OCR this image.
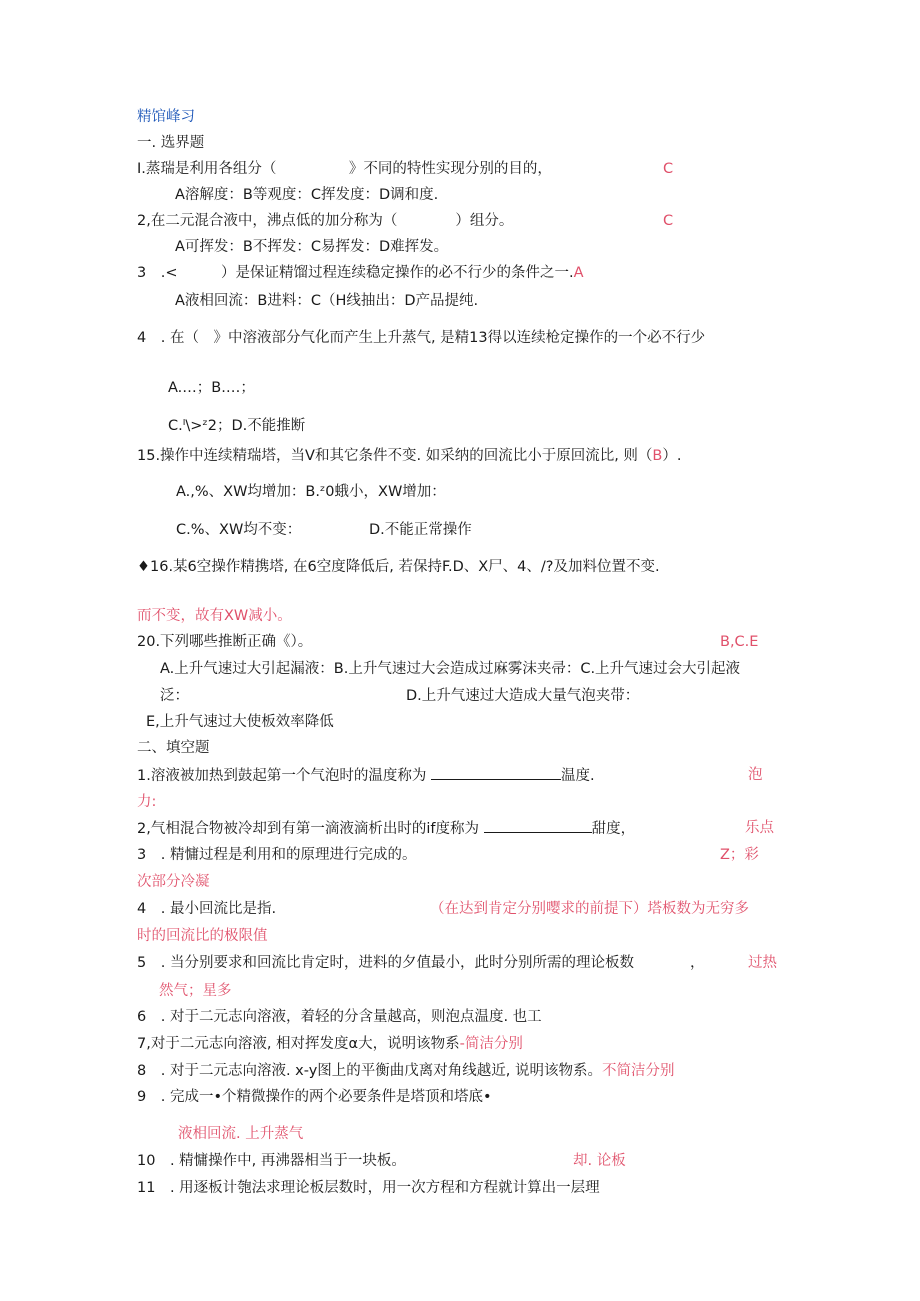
精馆峰习
一. 选界题
I.蒸瑞是利用各组分（　　　　　》不同的特性实现分别的目的，	C
A溶解度：B等观度：C挥发度：D调和度.
2,在二元混合液中，沸点低的加分称为（　　　　）组分。	C
A可挥发：B不挥发：C易挥发：D难挥发。
3　.<　　　）是保证精馏过程连续稳定操作的必不行少的条件之一.A
A液相回流：B进料：C（H线抽出：D产品提纯.
4　. 在（　》中溶液部分气化而产生上升蒸气, 是精13得以连续枪定操作的一个必不行少
A.…；B.…；
C.ᴵ\>ᶻ2；D.不能推断
15.操作中连续精瑞塔，当V和其它条件不变. 如采纳的回流比小于原回流比, 则（B）.
A.,%、XW均增加：B.ᶻ0蛾小，XW增加：
C.%、XW均不变：	D.不能正常操作
♦16.某6空操作精携塔, 在6空度降低后, 若保持F.D、X尸、4、/?及加料位置不变.
而不变，故有XW减小。
20.下列哪些推断正确《）。	B,C.E
A.上升气速过大引起漏液：B.上升气速过大会造成过麻雾沫夹帚：C.上升气速过会大引起液
泛：	D.上升气速过大造成大量气泡夹带：
E,上升气速过大使板效率降低
二、填空题
1.溶液被加热到鼓起第一个气泡时的温度称为	温度.	泡
力:
2,气相混合物被冷却到有第一滴液滴析出时的if度称为	甜度，	乐点
3　. 精慵过程是利用和的原理进行完成的。	Z；彩
次部分冷凝
4　. 最小回流比是指.	（在达到肯定分别嘤求的前提下）塔板数为无穷多
时的回流比的极限值
5　. 当分别要求和回流比肯定时，进料的夕值最小，此时分别所需的理论板数	，	过热
然气；星多
6　. 对于二元志向溶液，着轻的分含量越高，则泡点温度. 也工
7,对于二元志向溶液, 相对挥发度α大，说明该物系-简洁分别
8　. 对于二元志向溶液. x-y图上的平衡曲戊离对角线越近, 说明该物系。不简洁分别
9　. 完成一•个精微操作的两个必要条件是塔顶和塔底•
液相回流. 上升蒸气
10　. 精慵操作中, 再沸器相当于一块板。	却. 论板
11　. 用逐板计匏法求理论板层数时，用一次方程和方程就计算出一层理
